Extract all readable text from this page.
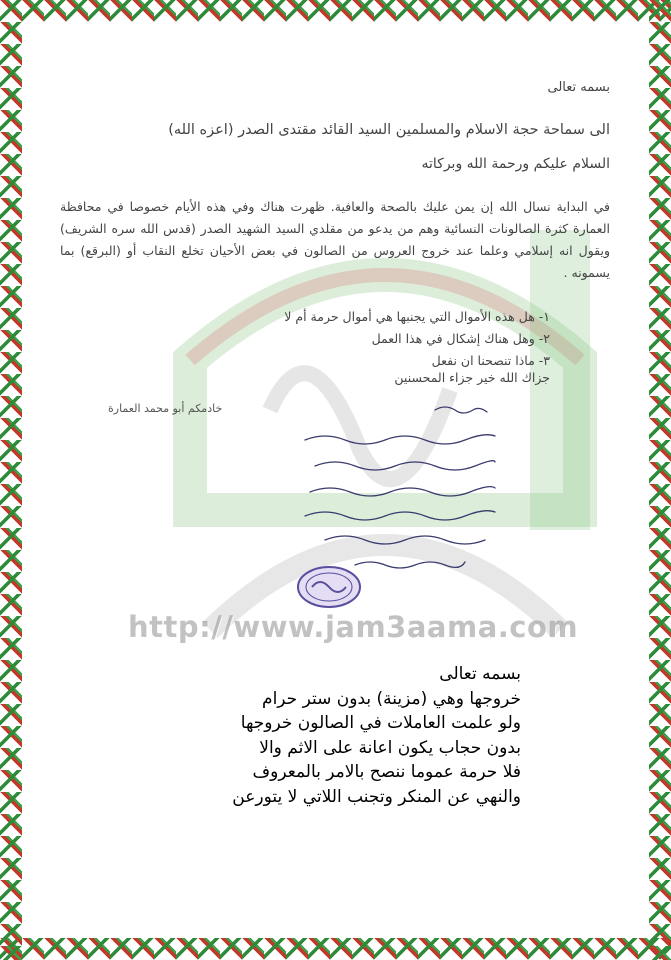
بسمه تعالى
الى سماحة حجة الاسلام والمسلمين السيد القائد مقتدى الصدر (اعزه الله)
السلام عليكم ورحمة الله وبركاته
في البداية نسال الله إن يمن عليك بالصحة والعافية. ظهرت هناك وفي هذه الأيام خصوصا في محافظة العمارة كثرة الصالونات النسائية وهم من يدعو من مقلدي السيد الشهيد الصدر (قدس الله سره الشريف) ويقول انه إسلامي وعلما عند خروج العروس من الصالون في بعض الأحيان تخلع النقاب أو (البرقع) بما يسمونه .
١- هل هذه الأموال التي يجنبها هي أموال حرمة أم لا
٢- وهل هناك إشكال في هذا العمل
٣- ماذا تنصحنا ان نفعل
جزاك الله خير جزاء المحسنين
خادمكم أبو محمد العمارة
http://www.jam3aama.com
بسمه تعالى
خروجها وهي (مزينة) بدون ستر حرام
ولو علمت العاملات في الصالون خروجها
بدون حجاب يكون اعانة على الاثم والا
فلا حرمة عموما ننصح بالامر بالمعروف
والنهي عن المنكر وتجنب اللاتي لا يتورعن
